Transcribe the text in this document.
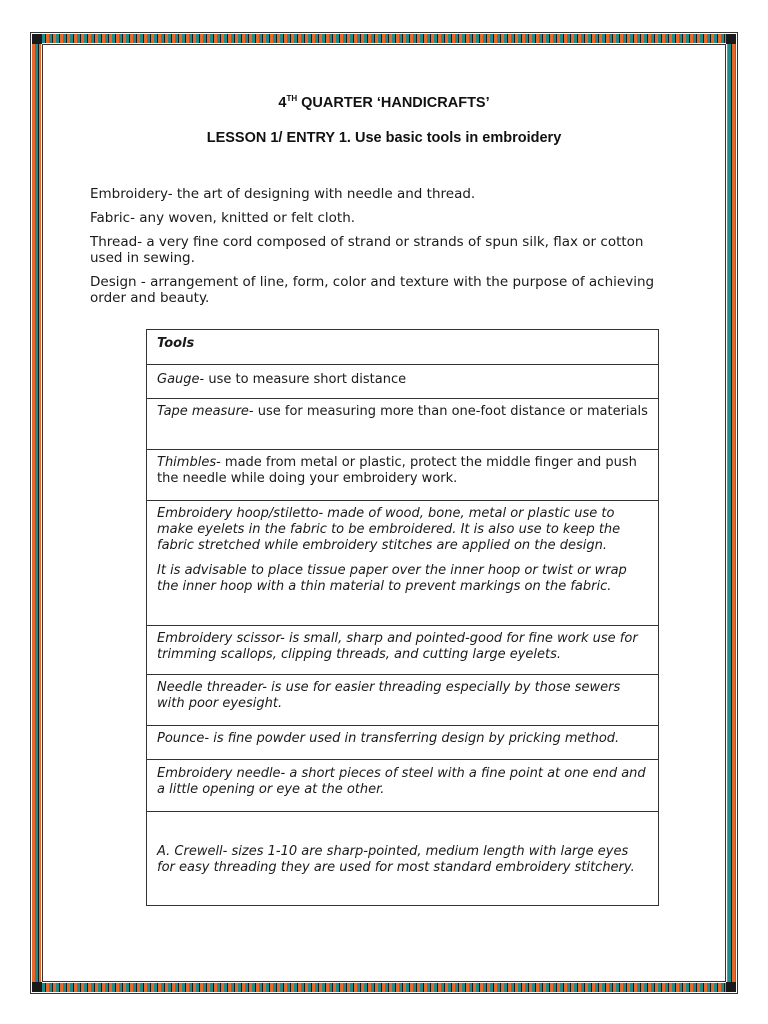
4TH QUARTER ‘HANDICRAFTS’
LESSON 1/ ENTRY 1. Use basic tools in embroidery

Embroidery- the art of designing with needle and thread.

Fabric- any woven, knitted or felt cloth.

Thread- a very fine cord composed of strand or strands of spun silk, flax or cotton used in sewing.

Design - arrangement of line, form, color and texture with the purpose of achieving order and beauty.

Tools
Gauge- use to measure short distance
Tape measure- use for measuring more than one-foot distance or materials
Thimbles- made from metal or plastic, protect the middle finger and push the needle while doing your embroidery work.

Embroidery hoop/stiletto- made of wood, bone, metal or plastic use to make eyelets in the fabric to be embroidered. It is also use to keep the fabric stretched while embroidery stitches are applied on the design.

It is advisable to place tissue paper over the inner hoop or twist or wrap the inner hoop with a thin material to prevent markings on the fabric.

Embroidery scissor- is small, sharp and pointed-good for fine work use for trimming scallops, clipping threads, and cutting large eyelets.

Needle threader- is use for easier threading especially by those sewers with poor eyesight.

Pounce- is fine powder used in transferring design by pricking method.

Embroidery needle- a short pieces of steel with a fine point at one end and a little opening or eye at the other.

A. Crewell- sizes 1-10 are sharp-pointed, medium length with large eyes for easy threading they are used for most standard embroidery stitchery.
